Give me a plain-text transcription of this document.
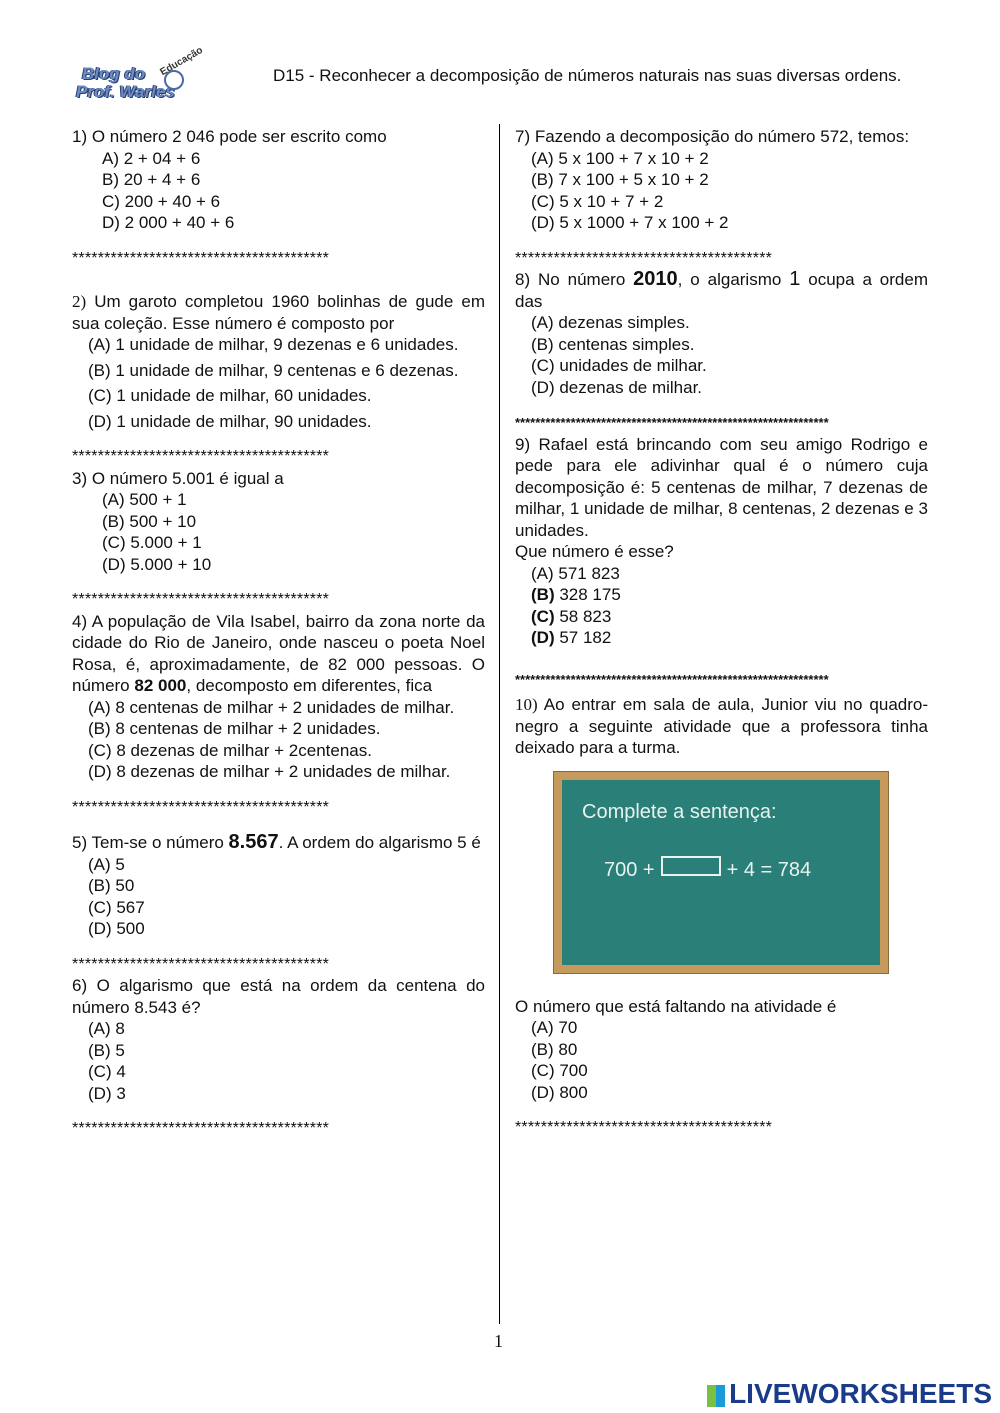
Blog do
Prof. Warles
Educação	D15 - Reconhecer a decomposição de números naturais nas suas diversas ordens.

1) O número 2 046 pode ser escrito como

A) 2 + 04 + 6

B) 20 + 4 + 6

C) 200 + 40 + 6

D) 2 000 + 40 + 6

****************************************

2) Um garoto completou 1960 bolinhas de gude em sua coleção. Esse número é composto por

(A) 1 unidade de milhar, 9 dezenas e 6 unidades.

(B) 1 unidade de milhar, 9 centenas e 6 dezenas.

(C) 1 unidade de milhar, 60 unidades.

(D) 1 unidade de milhar, 90 unidades.

****************************************

3) O número 5.001 é igual a

(A) 500 + 1

(B) 500 + 10

(C) 5.000 + 1

(D) 5.000 + 10

****************************************

4) A população de Vila Isabel, bairro da zona norte da cidade do Rio de Janeiro, onde nasceu o poeta Noel Rosa, é, aproximadamente, de 82 000 pessoas. O número 82 000, decomposto em diferentes, fica

(A) 8 centenas de milhar + 2 unidades de milhar.

(B) 8 centenas de milhar + 2 unidades.

(C) 8 dezenas de milhar + 2centenas.

(D) 8 dezenas de milhar + 2 unidades de milhar.

****************************************

5) Tem-se o número 8.567. A ordem do algarismo 5 é

(A) 5

(B) 50

(C) 567

(D) 500

****************************************

6) O algarismo que está na ordem da centena do número 8.543 é?

(A) 8

(B) 5

(C) 4

(D) 3

****************************************

7) Fazendo a decomposição do número 572, temos:

(A) 5 x 100 + 7 x 10 + 2

(B) 7 x 100 + 5 x 10 + 2

(C) 5 x 10 + 7 + 2

(D) 5 x 1000 + 7 x 100 + 2

****************************************

8) No número 2010, o algarismo 1 ocupa a ordem das

(A) dezenas simples.

(B) centenas simples.

(C) unidades de milhar.

(D) dezenas de milhar.

**************************************************************

9) Rafael está brincando com seu amigo Rodrigo e pede para ele adivinhar qual é o número cuja decomposição é: 5 centenas de milhar, 7 dezenas de milhar, 1 unidade de milhar, 8 centenas, 2 dezenas e 3 unidades.

Que número é esse?

(A) 571 823

(B) 328 175

(C) 58 823

(D) 57 182

**************************************************************

10) Ao entrar em sala de aula, Junior viu no quadro-negro a seguinte atividade que a professora tinha deixado para a turma.

Complete a sentença:
700 +	+ 4 = 784

O número que está faltando na atividade é

(A) 70

(B) 80

(C) 700

(D) 800

****************************************

1
LIVEWORKSHEETS
